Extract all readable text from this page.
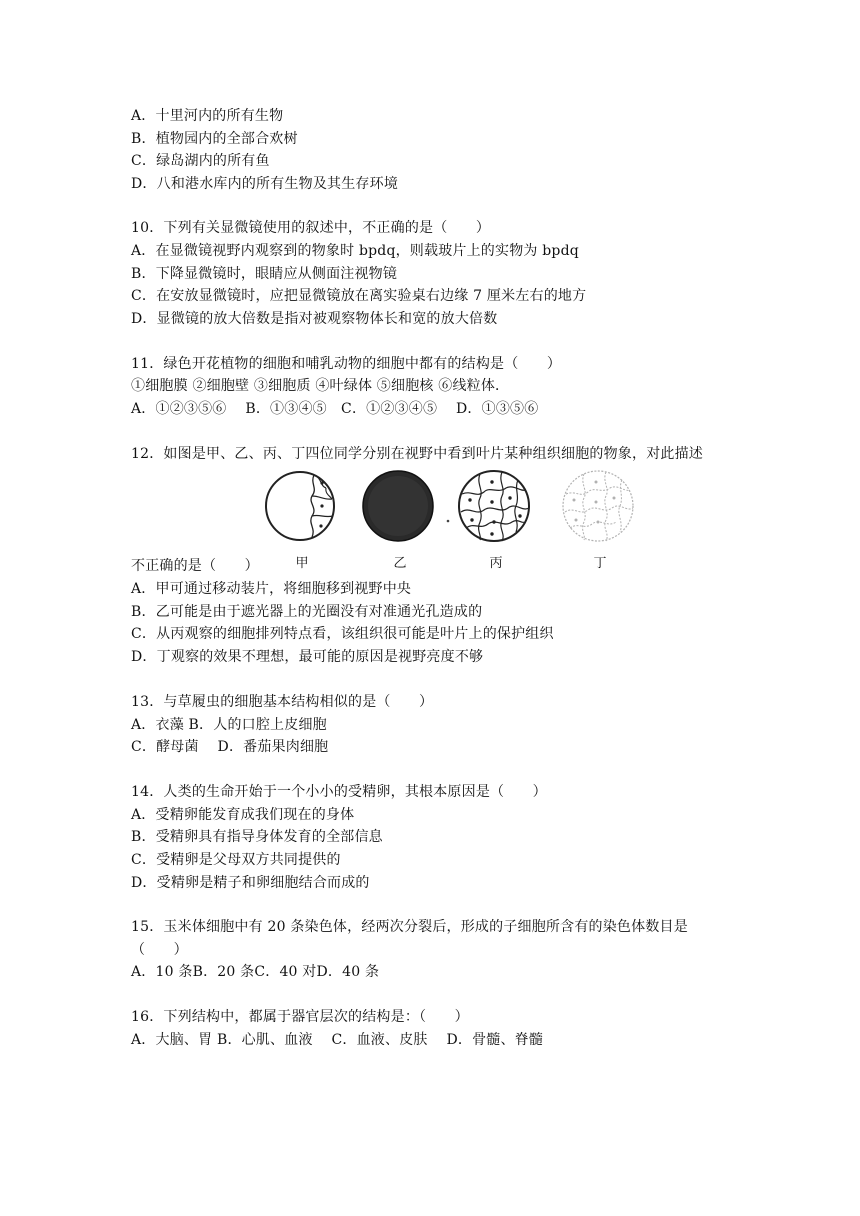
A．十里河内的所有生物
B．植物园内的全部合欢树
C．绿岛湖内的所有鱼
D．八和港水库内的所有生物及其生存环境
10．下列有关显微镜使用的叙述中，不正确的是（　　）
A．在显微镜视野内观察到的物象时 bpdq，则载玻片上的实物为 bpdq
B．下降显微镜时，眼睛应从侧面注视物镜
C．在安放显微镜时，应把显微镜放在离实验桌右边缘 7 厘米左右的地方
D．显微镜的放大倍数是指对被观察物体长和宽的放大倍数
11．绿色开花植物的细胞和哺乳动物的细胞中都有的结构是（　　）
①细胞膜 ②细胞壁 ③细胞质 ④叶绿体 ⑤细胞核 ⑥线粒体．
A．①②③⑤⑥　 B．①③④⑤　C．①②③④⑤　 D．①③⑤⑥
12．如图是甲、乙、丙、丁四位同学分别在视野中看到叶片某种组织细胞的物象，对此描述
甲	乙	丙	丁
不正确的是（　　）
A．甲可通过移动装片，将细胞移到视野中央
B．乙可能是由于遮光器上的光圈没有对准通光孔造成的
C．从丙观察的细胞排列特点看，该组织很可能是叶片上的保护组织
D．丁观察的效果不理想，最可能的原因是视野亮度不够
13．与草履虫的细胞基本结构相似的是（　　）
A．衣藻 B．人的口腔上皮细胞
C．酵母菌　 D．番茄果肉细胞
14．人类的生命开始于一个小小的受精卵，其根本原因是（　　）
A．受精卵能发育成我们现在的身体
B．受精卵具有指导身体发育的全部信息
C．受精卵是父母双方共同提供的
D．受精卵是精子和卵细胞结合而成的
15．玉米体细胞中有 20 条染色体，经两次分裂后，形成的子细胞所含有的染色体数目是
（　　）
A．10 条B．20 条C．40 对D．40 条
16．下列结构中，都属于器官层次的结构是：（　　）
A．大脑、胃 B．心肌、血液　 C．血液、皮肤　 D．骨髓、脊髓
